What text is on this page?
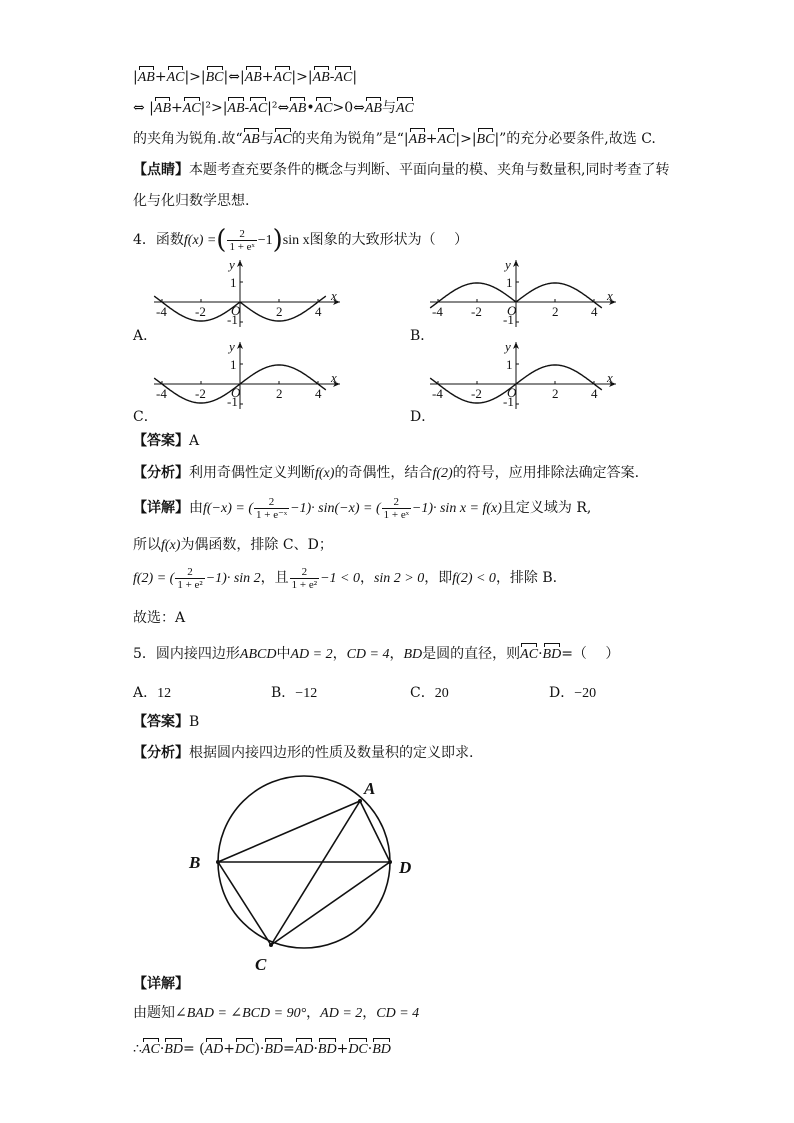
|AB+AC|>|BC|⇔|AB+AC|>|AB-AC|
⇔ |AB+AC|²>|AB-AC|²⇔AB•AC>0⇔AB与AC
的夹角为锐角.故“AB与AC的夹角为锐角”是“|AB+AC|>|BC|”的充分必要条件,故选 C.
【点睛】本题考查充要条件的概念与判断、平面向量的模、夹角与数量积,同时考查了转
化与化归数学思想.
4．函数f(x) =( $\frac{2}{\text{1 + eˣ}} -1)\sin$ x图象的大致形状为（　 ）
-4 -2	2	4
O
1
-1
y
x
-4 -2	2	4
O
1
-1
y
x
-4 -2	2	4
O
1
-1
y
x
-4 -2	2	4
O
1
-1
y
x
A．	B．
C．	D．
【答案】A
【分析】利用奇偶性定义判断f(x)的奇偶性，结合f(2)的符号，应用排除法确定答案.
【详解】由f(−x) = ( $\frac{2}{\text{1 + e⁻ˣ}} -1)\cdot \sin(-x)$ = ( $\frac{2}{\text{1 + eˣ}} -1)\cdot \sin x = f(x)$且定义域为 R,
所以f(x)为偶函数，排除 C、D；
f(2) = ( $\frac{2}{\text{1 + e²}} -1)\cdot \sin 2$，且 $\frac{2}{\text{1 + e²}} -1 < 0$，sin 2 > 0，即f(2) < 0，排除 B.
故选：A
5．圆内接四边形ABCD中AD = 2，CD = 4，BD是圆的直径，则AC·BD=（　 ）
A．12	B．−12	C．20	D．−20
【答案】B
【分析】根据圆内接四边形的性质及数量积的定义即求.
A
B
C
D
【详解】
由题知∠BAD = ∠BCD = 90°，AD = 2，CD = 4
∴AC·BD= (AD+DC)·BD=AD·BD+DC·BD
